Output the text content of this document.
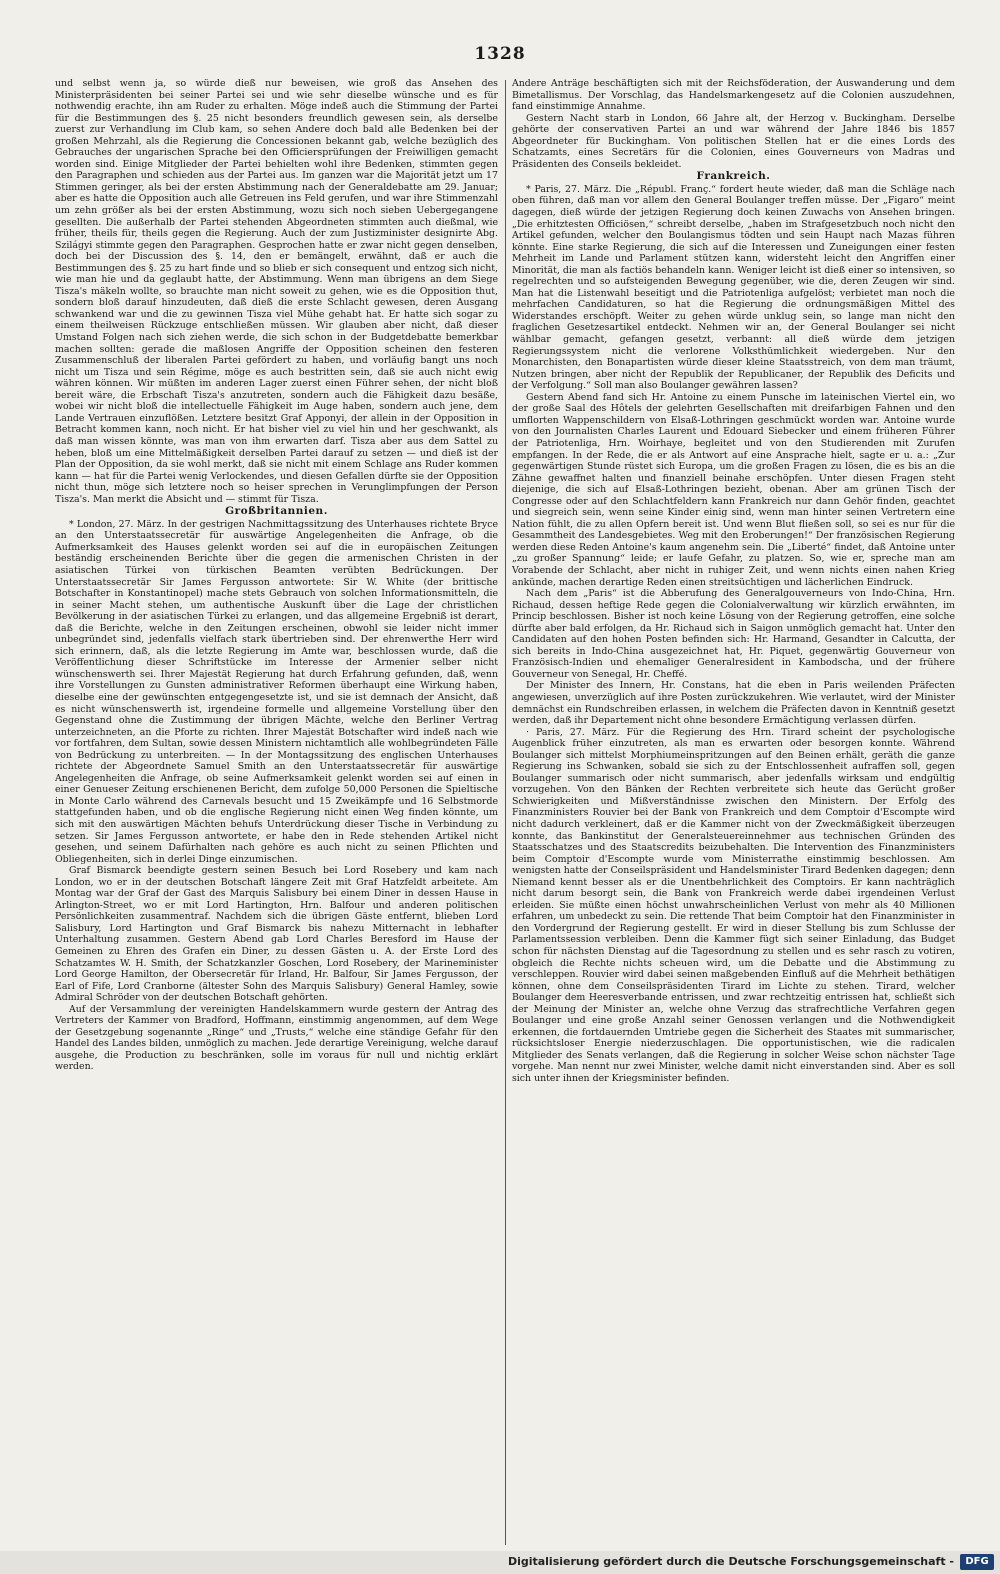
1328

und selbst wenn ja, so würde dieß nur beweisen, wie groß das Ansehen des Ministerpräsidenten bei seiner Partei sei und wie sehr dieselbe wünsche und es für nothwendig erachte, ihn am Ruder zu erhalten. Möge indeß auch die Stimmung der Partei für die Bestimmungen des §. 25 nicht besonders freundlich gewesen sein, als derselbe zuerst zur Verhandlung im Club kam, so sehen Andere doch bald alle Bedenken bei der großen Mehrzahl, als die Regierung die Concessionen bekannt gab, welche bezüglich des Gebrauches der ungarischen Sprache bei den Officiersprüfungen der Freiwilligen gemacht worden sind. Einige Mitglieder der Partei behielten wohl ihre Bedenken, stimmten gegen den Paragraphen und schieden aus der Partei aus. Im ganzen war die Majorität jetzt um 17 Stimmen geringer, als bei der ersten Abstimmung nach der Generaldebatte am 29. Januar; aber es hatte die Opposition auch alle Getreuen ins Feld gerufen, und war ihre Stimmenzahl um zehn größer als bei der ersten Abstimmung, wozu sich noch sieben Uebergegangene gesellten. Die außerhalb der Partei stehenden Abgeordneten stimmten auch dießmal, wie früher, theils für, theils gegen die Regierung. Auch der zum Justizminister designirte Abg. Szilágyi stimmte gegen den Paragraphen. Gesprochen hatte er zwar nicht gegen denselben, doch bei der Discussion des §. 14, den er bemängelt, erwähnt, daß er auch die Bestimmungen des §. 25 zu hart finde und so blieb er sich consequent und entzog sich nicht, wie man hie und da geglaubt hatte, der Abstimmung. Wenn man übrigens an dem Siege Tisza's mäkeln wollte, so brauchte man nicht soweit zu gehen, wie es die Opposition thut, sondern bloß darauf hinzudeuten, daß dieß die erste Schlacht gewesen, deren Ausgang schwankend war und die zu gewinnen Tisza viel Mühe gehabt hat. Er hatte sich sogar zu einem theilweisen Rückzuge entschließen müssen. Wir glauben aber nicht, daß dieser Umstand Folgen nach sich ziehen werde, die sich schon in der Budgetdebatte bemerkbar machen sollten: gerade die maßlosen Angriffe der Opposition scheinen den festeren Zusammenschluß der liberalen Partei gefördert zu haben, und vorläufig bangt uns noch nicht um Tisza und sein Régime, möge es auch bestritten sein, daß sie auch nicht ewig währen können. Wir müßten im anderen Lager zuerst einen Führer sehen, der nicht bloß bereit wäre, die Erbschaft Tisza's anzutreten, sondern auch die Fähigkeit dazu besäße, wobei wir nicht bloß die intellectuelle Fähigkeit im Auge haben, sondern auch jene, dem Lande Vertrauen einzuflößen. Letztere besitzt Graf Apponyi, der allein in der Opposition in Betracht kommen kann, noch nicht. Er hat bisher viel zu viel hin und her geschwankt, als daß man wissen könnte, was man von ihm erwarten darf. Tisza aber aus dem Sattel zu heben, bloß um eine Mittelmäßigkeit derselben Partei darauf zu setzen — und dieß ist der Plan der Opposition, da sie wohl merkt, daß sie nicht mit einem Schlage ans Ruder kommen kann — hat für die Partei wenig Verlockendes, und diesen Gefallen dürfte sie der Opposition nicht thun, möge sich letztere noch so heiser sprechen in Verunglimpfungen der Person Tisza's. Man merkt die Absicht und — stimmt für Tisza.

Großbritannien.

* London, 27. März. In der gestrigen Nachmittagssitzung des Unterhauses richtete Bryce an den Unterstaatssecretär für auswärtige Angelegenheiten die Anfrage, ob die Aufmerksamkeit des Hauses gelenkt worden sei auf die in europäischen Zeitungen beständig erscheinenden Berichte über die gegen die armenischen Christen in der asiatischen Türkei von türkischen Beamten verübten Bedrückungen. Der Unterstaatssecretär Sir James Fergusson antwortete: Sir W. White (der brittische Botschafter in Konstantinopel) mache stets Gebrauch von solchen Informationsmitteln, die in seiner Macht stehen, um authentische Auskunft über die Lage der christlichen Bevölkerung in der asiatischen Türkei zu erlangen, und das allgemeine Ergebniß ist derart, daß die Berichte, welche in den Zeitungen erscheinen, obwohl sie leider nicht immer unbegründet sind, jedenfalls vielfach stark übertrieben sind. Der ehrenwerthe Herr wird sich erinnern, daß, als die letzte Regierung im Amte war, beschlossen wurde, daß die Veröffentlichung dieser Schriftstücke im Interesse der Armenier selber nicht wünschenswerth sei. Ihrer Majestät Regierung hat durch Erfahrung gefunden, daß, wenn ihre Vorstellungen zu Gunsten administrativer Reformen überhaupt eine Wirkung haben, dieselbe eine der gewünschten entgegengesetzte ist, und sie ist demnach der Ansicht, daß es nicht wünschenswerth ist, irgendeine formelle und allgemeine Vorstellung über den Gegenstand ohne die Zustimmung der übrigen Mächte, welche den Berliner Vertrag unterzeichneten, an die Pforte zu richten. Ihrer Majestät Botschafter wird indeß nach wie vor fortfahren, dem Sultan, sowie dessen Ministern nichtamtlich alle wohlbegründeten Fälle von Bedrückung zu unterbreiten. — In der Montagssitzung des englischen Unterhauses richtete der Abgeordnete Samuel Smith an den Unterstaatssecretär für auswärtige Angelegenheiten die Anfrage, ob seine Aufmerksamkeit gelenkt worden sei auf einen in einer Genueser Zeitung erschienenen Bericht, dem zufolge 50,000 Personen die Spieltische in Monte Carlo während des Carnevals besucht und 15 Zweikämpfe und 16 Selbstmorde stattgefunden haben, und ob die englische Regierung nicht einen Weg finden könnte, um sich mit den auswärtigen Mächten behufs Unterdrückung dieser Tische in Verbindung zu setzen. Sir James Fergusson antwortete, er habe den in Rede stehenden Artikel nicht gesehen, und seinem Dafürhalten nach gehöre es auch nicht zu seinen Pflichten und Obliegenheiten, sich in derlei Dinge einzumischen.

Graf Bismarck beendigte gestern seinen Besuch bei Lord Rosebery und kam nach London, wo er in der deutschen Botschaft längere Zeit mit Graf Hatzfeldt arbeitete. Am Montag war der Graf der Gast des Marquis Salisbury bei einem Diner in dessen Hause in Arlington-Street, wo er mit Lord Hartington, Hrn. Balfour und anderen politischen Persönlichkeiten zusammentraf. Nachdem sich die übrigen Gäste entfernt, blieben Lord Salisbury, Lord Hartington und Graf Bismarck bis nahezu Mitternacht in lebhafter Unterhaltung zusammen. Gestern Abend gab Lord Charles Beresford im Hause der Gemeinen zu Ehren des Grafen ein Diner, zu dessen Gästen u. A. der Erste Lord des Schatzamtes W. H. Smith, der Schatzkanzler Goschen, Lord Rosebery, der Marineminister Lord George Hamilton, der Obersecretär für Irland, Hr. Balfour, Sir James Fergusson, der Earl of Fife, Lord Cranborne (ältester Sohn des Marquis Salisbury) General Hamley, sowie Admiral Schröder von der deutschen Botschaft gehörten.

Auf der Versammlung der vereinigten Handelskammern wurde gestern der Antrag des Vertreters der Kammer von Bradford, Hoffmann, einstimmig angenommen, auf dem Wege der Gesetzgebung sogenannte „Ringe“ und „Trusts,“ welche eine ständige Gefahr für den Handel des Landes bilden, unmöglich zu machen. Jede derartige Vereinigung, welche darauf ausgehe, die Production zu beschränken, solle im voraus für null und nichtig erklärt werden.

Andere Anträge beschäftigten sich mit der Reichsföderation, der Auswanderung und dem Bimetallismus. Der Vorschlag, das Handelsmarkengesetz auf die Colonien auszudehnen, fand einstimmige Annahme.

Gestern Nacht starb in London, 66 Jahre alt, der Herzog v. Buckingham. Derselbe gehörte der conservativen Partei an und war während der Jahre 1846 bis 1857 Abgeordneter für Buckingham. Von politischen Stellen hat er die eines Lords des Schatzamts, eines Secretärs für die Colonien, eines Gouverneurs von Madras und Präsidenten des Conseils bekleidet.

Frankreich.

* Paris, 27. März. Die „Républ. Franç.“ fordert heute wieder, daß man die Schläge nach oben führen, daß man vor allem den General Boulanger treffen müsse. Der „Figaro“ meint dagegen, dieß würde der jetzigen Regierung doch keinen Zuwachs von Ansehen bringen. „Die erhitztesten Officiösen,“ schreibt derselbe, „haben im Strafgesetzbuch noch nicht den Artikel gefunden, welcher den Boulangismus tödten und sein Haupt nach Mazas führen könnte. Eine starke Regierung, die sich auf die Interessen und Zuneigungen einer festen Mehrheit im Lande und Parlament stützen kann, widersteht leicht den Angriffen einer Minorität, die man als factiös behandeln kann. Weniger leicht ist dieß einer so intensiven, so regelrechten und so aufsteigenden Bewegung gegenüber, wie die, deren Zeugen wir sind. Man hat die Listenwahl beseitigt und die Patriotenliga aufgelöst; verbietet man noch die mehrfachen Candidaturen, so hat die Regierung die ordnungsmäßigen Mittel des Widerstandes erschöpft. Weiter zu gehen würde unklug sein, so lange man nicht den fraglichen Gesetzesartikel entdeckt. Nehmen wir an, der General Boulanger sei nicht wählbar gemacht, gefangen gesetzt, verbannt: all dieß würde dem jetzigen Regierungssystem nicht die verlorene Volksthümlichkeit wiedergeben. Nur den Monarchisten, den Bonapartisten würde dieser kleine Staatsstreich, von dem man träumt, Nutzen bringen, aber nicht der Republik der Republicaner, der Republik des Deficits und der Verfolgung.“ Soll man also Boulanger gewähren lassen?

Gestern Abend fand sich Hr. Antoine zu einem Punsche im lateinischen Viertel ein, wo der große Saal des Hôtels der gelehrten Gesellschaften mit dreifarbigen Fahnen und den umflorten Wappenschildern von Elsaß-Lothringen geschmückt worden war. Antoine wurde von den Journalisten Charles Laurent und Edouard Siebecker und einem früheren Führer der Patriotenliga, Hrn. Woirhaye, begleitet und von den Studierenden mit Zurufen empfangen. In der Rede, die er als Antwort auf eine Ansprache hielt, sagte er u. a.: „Zur gegenwärtigen Stunde rüstet sich Europa, um die großen Fragen zu lösen, die es bis an die Zähne gewaffnet halten und finanziell beinahe erschöpfen. Unter diesen Fragen steht diejenige, die sich auf Elsaß-Lothringen bezieht, obenan. Aber am grünen Tisch der Congresse oder auf den Schlachtfeldern kann Frankreich nur dann Gehör finden, geachtet und siegreich sein, wenn seine Kinder einig sind, wenn man hinter seinen Vertretern eine Nation fühlt, die zu allen Opfern bereit ist. Und wenn Blut fließen soll, so sei es nur für die Gesammtheit des Landesgebietes. Weg mit den Eroberungen!“ Der französischen Regierung werden diese Reden Antoine's kaum angenehm sein. Die „Liberté“ findet, daß Antoine unter „zu großer Spannung“ leide; er laufe Gefahr, zu platzen. So, wie er, spreche man am Vorabende der Schlacht, aber nicht in ruhiger Zeit, und wenn nichts einen nahen Krieg ankünde, machen derartige Reden einen streitsüchtigen und lächerlichen Eindruck.

Nach dem „Paris“ ist die Abberufung des Generalgouverneurs von Indo-China, Hrn. Richaud, dessen heftige Rede gegen die Colonialverwaltung wir kürzlich erwähnten, im Princip beschlossen. Bisher ist noch keine Lösung von der Regierung getroffen, eine solche dürfte aber bald erfolgen, da Hr. Richaud sich in Saigon unmöglich gemacht hat. Unter den Candidaten auf den hohen Posten befinden sich: Hr. Harmand, Gesandter in Calcutta, der sich bereits in Indo-China ausgezeichnet hat, Hr. Piquet, gegenwärtig Gouverneur von Französisch-Indien und ehemaliger Generalresident in Kambodscha, und der frühere Gouverneur von Senegal, Hr. Cheffé.

Der Minister des Innern, Hr. Constans, hat die eben in Paris weilenden Präfecten angewiesen, unverzüglich auf ihre Posten zurückzukehren. Wie verlautet, wird der Minister demnächst ein Rundschreiben erlassen, in welchem die Präfecten davon in Kenntniß gesetzt werden, daß ihr Departement nicht ohne besondere Ermächtigung verlassen dürfen.

‧ Paris, 27. März. Für die Regierung des Hrn. Tirard scheint der psychologische Augenblick früher einzutreten, als man es erwarten oder besorgen konnte. Während Boulanger sich mittelst Morphiumeinspritzungen auf den Beinen erhält, geräth die ganze Regierung ins Schwanken, sobald sie sich zu der Entschlossenheit aufraffen soll, gegen Boulanger summarisch oder nicht summarisch, aber jedenfalls wirksam und endgültig vorzugehen. Von den Bänken der Rechten verbreitete sich heute das Gerücht großer Schwierigkeiten und Mißverständnisse zwischen den Ministern. Der Erfolg des Finanzministers Rouvier bei der Bank von Frankreich und dem Comptoir d'Escompte wird nicht dadurch verkleinert, daß er die Kammer nicht von der Zweckmäßigkeit überzeugen konnte, das Bankinstitut der Generalsteuereinnehmer aus technischen Gründen des Staatsschatzes und des Staatscredits beizubehalten. Die Intervention des Finanzministers beim Comptoir d'Escompte wurde vom Ministerrathe einstimmig beschlossen. Am wenigsten hatte der Conseilspräsident und Handelsminister Tirard Bedenken dagegen; denn Niemand kennt besser als er die Unentbehrlichkeit des Comptoirs. Er kann nachträglich nicht darum besorgt sein, die Bank von Frankreich werde dabei irgendeinen Verlust erleiden. Sie müßte einen höchst unwahrscheinlichen Verlust von mehr als 40 Millionen erfahren, um unbedeckt zu sein. Die rettende That beim Comptoir hat den Finanzminister in den Vordergrund der Regierung gestellt. Er wird in dieser Stellung bis zum Schlusse der Parlamentssession verbleiben. Denn die Kammer fügt sich seiner Einladung, das Budget schon für nächsten Dienstag auf die Tagesordnung zu stellen und es sehr rasch zu votiren, obgleich die Rechte nichts scheuen wird, um die Debatte und die Abstimmung zu verschleppen. Rouvier wird dabei seinen maßgebenden Einfluß auf die Mehrheit bethätigen können, ohne dem Conseilspräsidenten Tirard im Lichte zu stehen. Tirard, welcher Boulanger dem Heeresverbande entrissen, und zwar rechtzeitig entrissen hat, schließt sich der Meinung der Minister an, welche ohne Verzug das strafrechtliche Verfahren gegen Boulanger und eine große Anzahl seiner Genossen verlangen und die Nothwendigkeit erkennen, die fortdauernden Umtriebe gegen die Sicherheit des Staates mit summarischer, rücksichtsloser Energie niederzuschlagen. Die opportunistischen, wie die radicalen Mitglieder des Senats verlangen, daß die Regierung in solcher Weise schon nächster Tage vorgehe. Man nennt nur zwei Minister, welche damit nicht einverstanden sind. Aber es soll sich unter ihnen der Kriegsminister befinden.

Digitalisierung gefördert durch die Deutsche Forschungsgemeinschaft -	DFG
